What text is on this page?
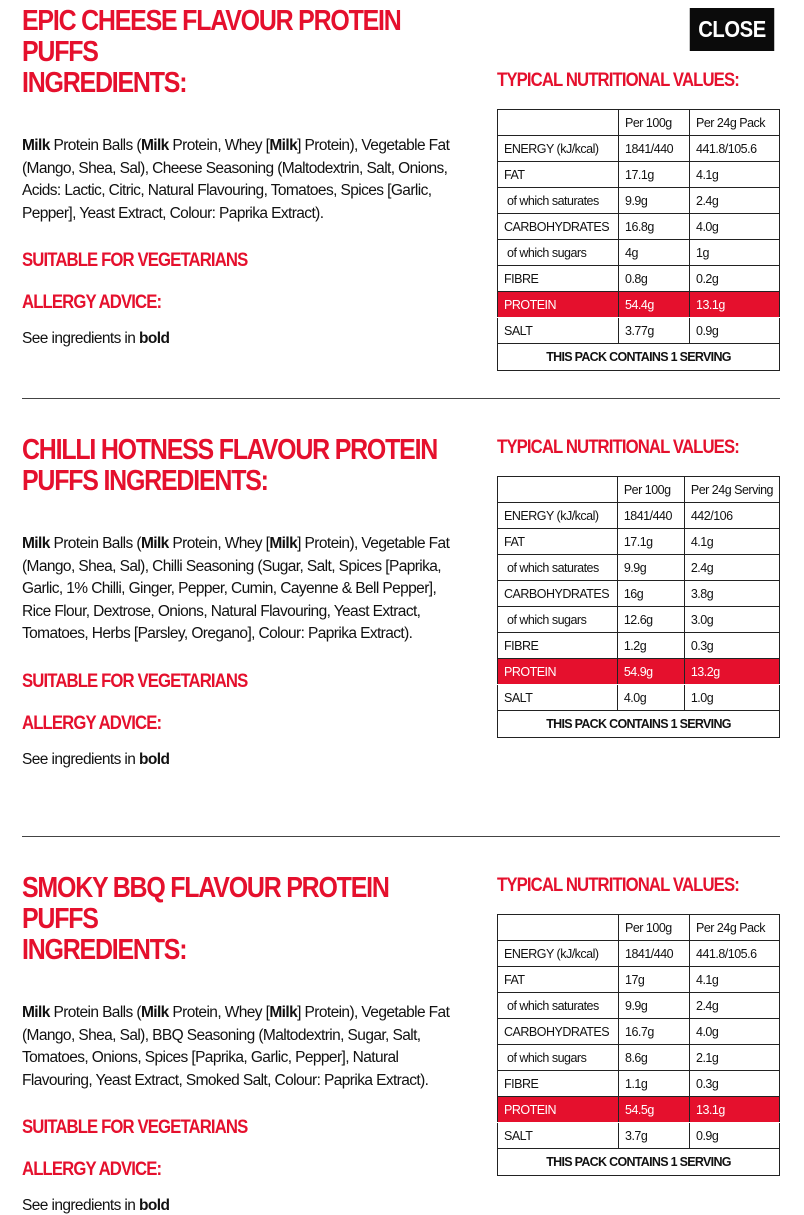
CLOSE
EPIC CHEESE FLAVOUR PROTEIN PUFFS
INGREDIENTS:

Milk Protein Balls (Milk Protein, Whey [Milk] Protein), Vegetable Fat (Mango, Shea, Sal), Cheese Seasoning (Maltodextrin, Salt, Onions, Acids: Lactic, Citric, Natural Flavouring, Tomatoes, Spices [Garlic, Pepper], Yeast Extract, Colour: Paprika Extract).

SUITABLE FOR VEGETARIANS
ALLERGY ADVICE:
See ingredients in bold
TYPICAL NUTRITIONAL VALUES:
	Per 100g	Per 24g Pack
ENERGY (kJ/kcal)	1841/440	441.8/105.6
FAT	17.1g	4.1g
of which saturates	9.9g	2.4g
CARBOHYDRATES	16.8g	4.0g
of which sugars	4g	1g
FIBRE	0.8g	0.2g
PROTEIN	54.4g	13.1g
SALT	3.77g	0.9g
THIS PACK CONTAINS 1 SERVING		
CHILLI HOTNESS FLAVOUR PROTEIN
PUFFS INGREDIENTS:

Milk Protein Balls (Milk Protein, Whey [Milk] Protein), Vegetable Fat (Mango, Shea, Sal), Chilli Seasoning (Sugar, Salt, Spices [Paprika, Garlic, 1% Chilli, Ginger, Pepper, Cumin, Cayenne & Bell Pepper], Rice Flour, Dextrose, Onions, Natural Flavouring, Yeast Extract, Tomatoes, Herbs [Parsley, Oregano], Colour: Paprika Extract).

SUITABLE FOR VEGETARIANS
ALLERGY ADVICE:
See ingredients in bold
TYPICAL NUTRITIONAL VALUES:
	Per 100g	Per 24g Serving
ENERGY (kJ/kcal)	1841/440	442/106
FAT	17.1g	4.1g
of which saturates	9.9g	2.4g
CARBOHYDRATES	16g	3.8g
of which sugars	12.6g	3.0g
FIBRE	1.2g	0.3g
PROTEIN	54.9g	13.2g
SALT	4.0g	1.0g
THIS PACK CONTAINS 1 SERVING		
SMOKY BBQ FLAVOUR PROTEIN PUFFS
INGREDIENTS:

Milk Protein Balls (Milk Protein, Whey [Milk] Protein), Vegetable Fat (Mango, Shea, Sal), BBQ Seasoning (Maltodextrin, Sugar, Salt, Tomatoes, Onions, Spices [Paprika, Garlic, Pepper], Natural Flavouring, Yeast Extract, Smoked Salt, Colour: Paprika Extract).

SUITABLE FOR VEGETARIANS
ALLERGY ADVICE:
See ingredients in bold
TYPICAL NUTRITIONAL VALUES:
	Per 100g	Per 24g Pack
ENERGY (kJ/kcal)	1841/440	441.8/105.6
FAT	17g	4.1g
of which saturates	9.9g	2.4g
CARBOHYDRATES	16.7g	4.0g
of which sugars	8.6g	2.1g
FIBRE	1.1g	0.3g
PROTEIN	54.5g	13.1g
SALT	3.7g	0.9g
THIS PACK CONTAINS 1 SERVING		
